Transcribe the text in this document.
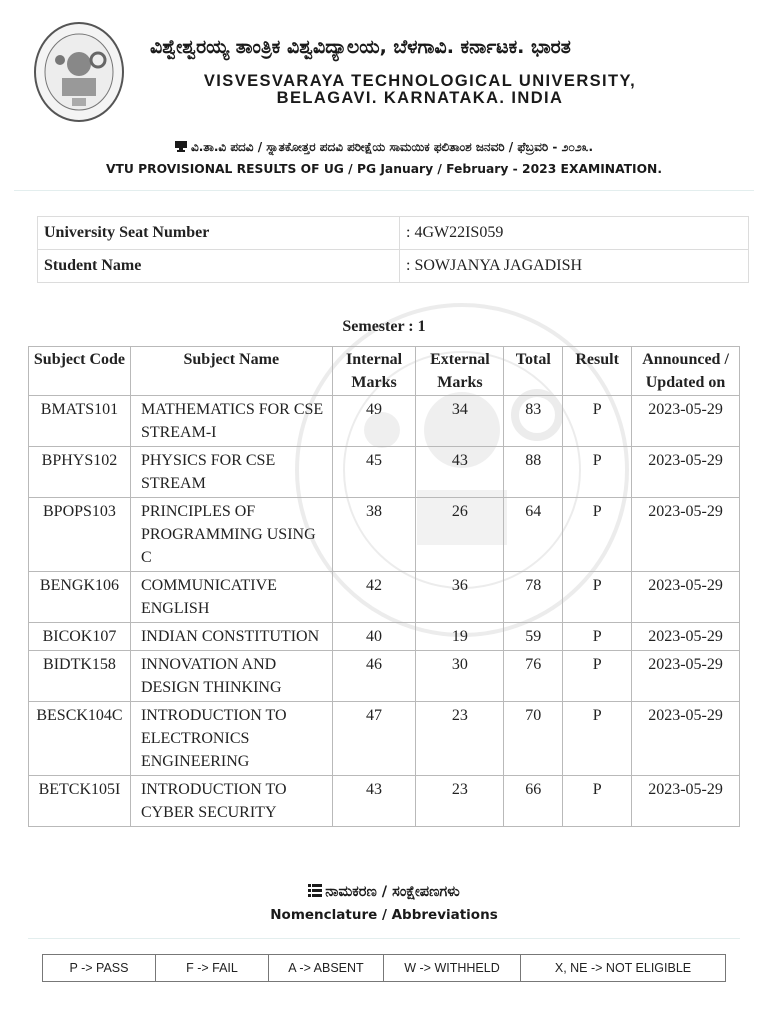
ವಿಶ್ವೇಶ್ವರಯ್ಯ ತಾಂತ್ರಿಕ ವಿಶ್ವವಿದ್ಯಾಲಯ, ಬೆಳಗಾವಿ. ಕರ್ನಾಟಕ. ಭಾರತ
VISVESVARAYA TECHNOLOGICAL UNIVERSITY,
BELAGAVI. KARNATAKA. INDIA
ವಿ.ತಾ.ವಿ ಪದವಿ / ಸ್ನಾತಕೋತ್ತರ ಪದವಿ ಪರೀಕ್ಷೆಯ ಸಾಮಯಿಕ ಫಲಿತಾಂಶ ಜನವರಿ / ಫೆಬ್ರವರಿ - ೨೦೨೩.
VTU PROVISIONAL RESULTS OF UG / PG January / February - 2023 EXAMINATION.
University Seat Number	: 4GW22IS059
Student Name	: SOWJANYA JAGADISH
Semester : 1
Subject Code	Subject Name	Internal Marks	External Marks	Total	Result	Announced / Updated on
BMATS101	MATHEMATICS FOR CSE STREAM-I	49	34	83	P	2023-05-29
BPHYS102	PHYSICS FOR CSE STREAM	45	43	88	P	2023-05-29
BPOPS103	PRINCIPLES OF PROGRAMMING USING C	38	26	64	P	2023-05-29
BENGK106	COMMUNICATIVE ENGLISH	42	36	78	P	2023-05-29
BICOK107	INDIAN CONSTITUTION	40	19	59	P	2023-05-29
BIDTK158	INNOVATION AND DESIGN THINKING	46	30	76	P	2023-05-29
BESCK104C	INTRODUCTION TO ELECTRONICS ENGINEERING	47	23	70	P	2023-05-29
BETCK105I	INTRODUCTION TO CYBER SECURITY	43	23	66	P	2023-05-29
ನಾಮಕರಣ / ಸಂಕ್ಷೇಪಣಗಳು
Nomenclature / Abbreviations
P -> PASS	F -> FAIL	A -> ABSENT	W -> WITHHELD	X, NE -> NOT ELIGIBLE
